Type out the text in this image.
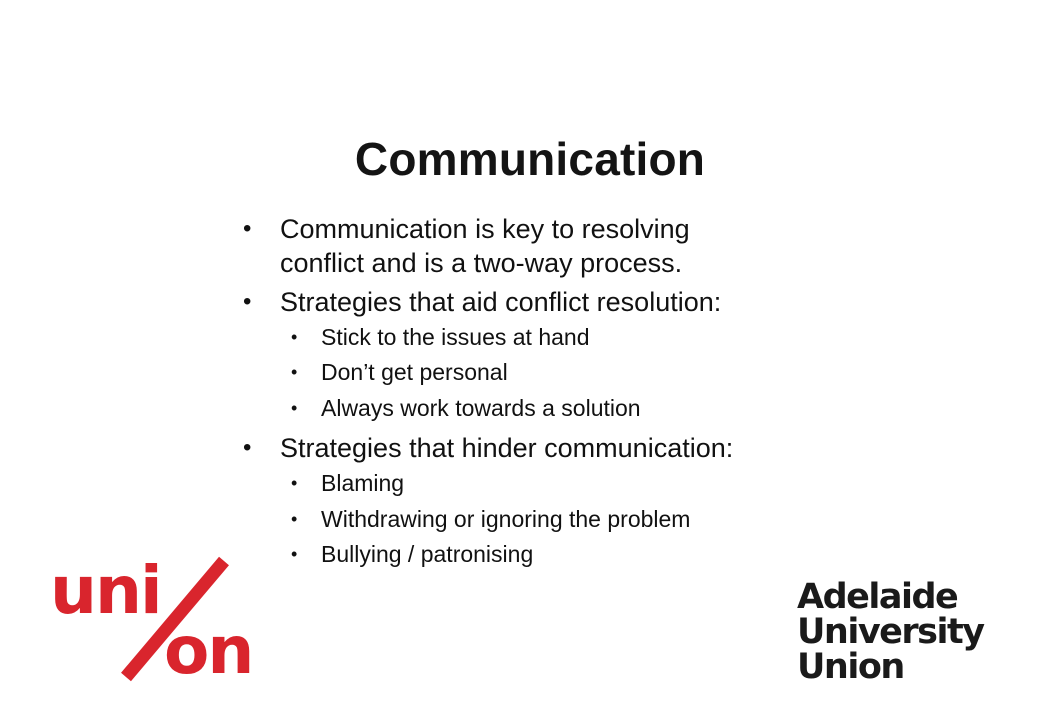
Communication
• Communication is key to resolving
conflict and is a two-way process.
• Strategies that aid conflict resolution:
• Stick to the issues at hand
• Don’t get personal
• Always work towards a solution
• Strategies that hinder communication:
• Blaming
• Withdrawing or ignoring the problem
• Bullying / patronising
uni
on
Adelaide
University
Union
